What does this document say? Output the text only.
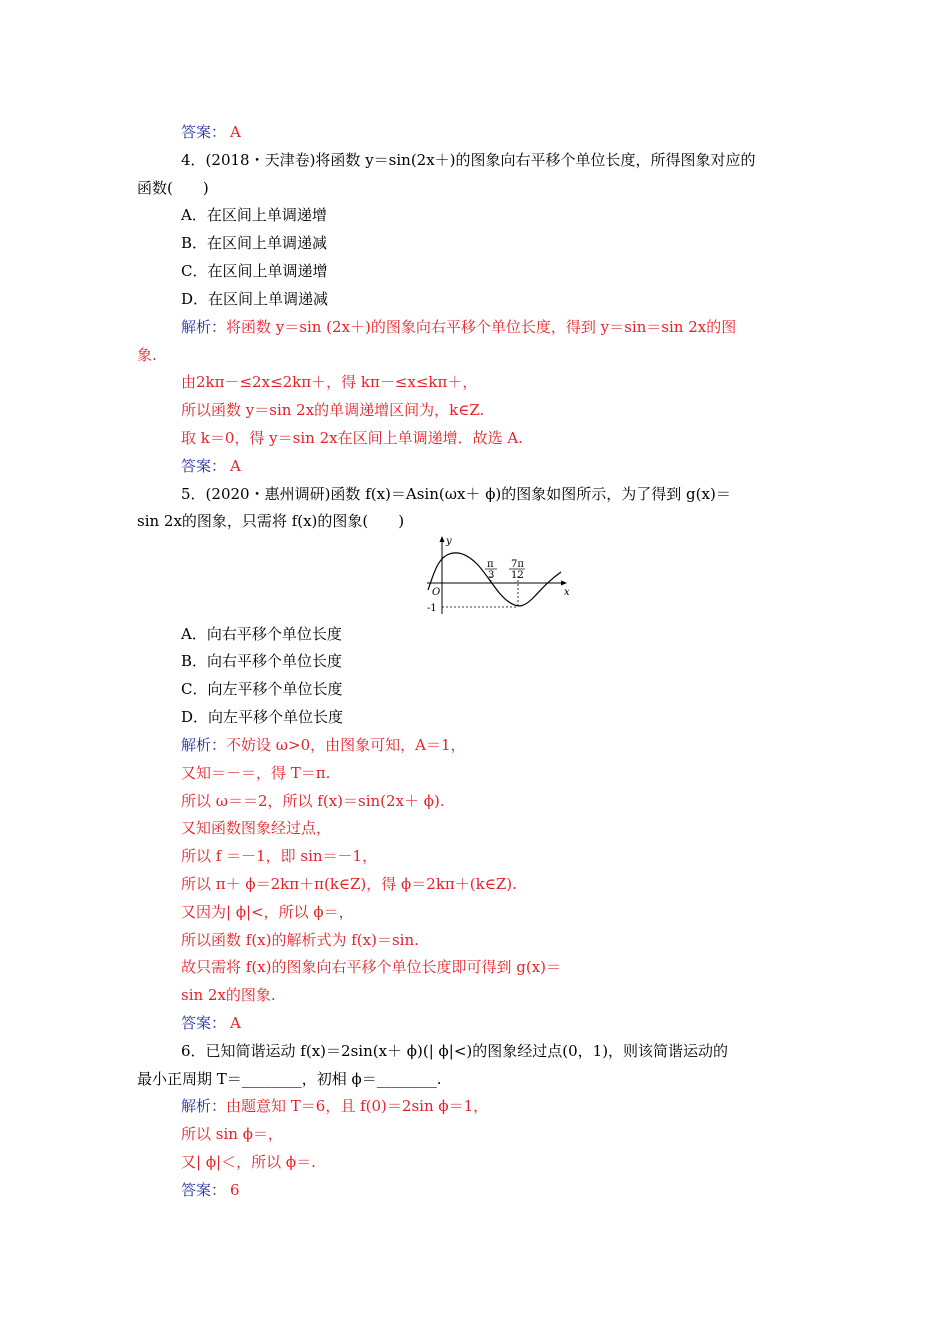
答案： A
4．(2018・天津卷)将函数 y＝sin(2x＋)的图象向右平移个单位长度，所得图象对应的
函数(　　)
A．在区间上单调递增
B．在区间上单调递减
C．在区间上单调递增
D．在区间上单调递减
解析：将函数 y＝sin (2x＋)的图象向右平移个单位长度，得到 y＝sin＝sin 2x的图
象.
由2kπ－≤2x≤2kπ＋，得 kπ－≤x≤kπ＋，
所以函数 y＝sin 2x的单调递增区间为，k∈Z.
取 k＝0，得 y＝sin 2x在区间上单调递增．故选 A.
答案： A
5．(2020・惠州调研)函数 f(x)＝Asin(ωx＋ ϕ)的图象如图所示，为了得到 g(x)＝
sin 2x的图象，只需将 f(x)的图象(　　)
y
x
O
-1
π
3
7π
12
A．向右平移个单位长度
B．向右平移个单位长度
C．向左平移个单位长度
D．向左平移个单位长度
解析：不妨设 ω>0，由图象可知，A＝1，
又知＝－＝，得 T＝π.
所以 ω＝＝2，所以 f(x)＝sin(2x＋ ϕ).
又知函数图象经过点，
所以 f ＝－1，即 sin＝－1，
所以 π＋ ϕ＝2kπ＋π(k∈Z)，得 ϕ＝2kπ＋(k∈Z).
又因为| ϕ|<，所以 ϕ＝，
所以函数 f(x)的解析式为 f(x)＝sin.
故只需将 f(x)的图象向右平移个单位长度即可得到 g(x)＝
sin 2x的图象.
答案： A
6．已知简谐运动 f(x)＝2sin(x＋ ϕ)(| ϕ|<)的图象经过点(0，1)，则该简谐运动的
最小正周期 T＝________，初相 ϕ＝________.
解析：由题意知 T＝6，且 f(0)＝2sin ϕ＝1，
所以 sin ϕ＝，
又| ϕ|＜，所以 ϕ＝.
答案： 6
